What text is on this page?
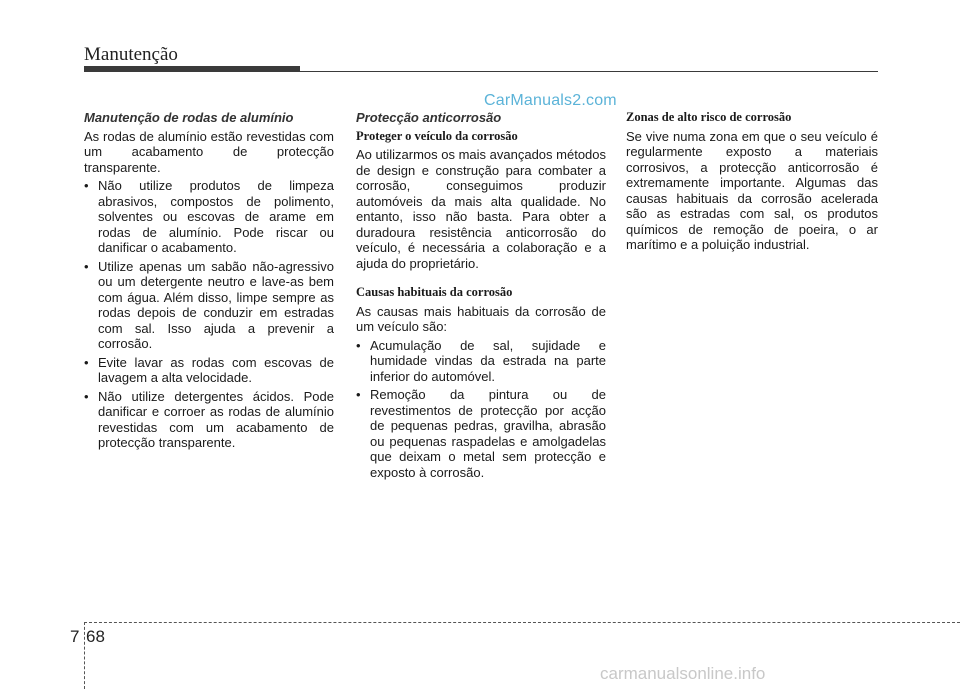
Manutenção
CarManuals2.com
Manutenção de rodas de alumínio

As rodas de alumínio estão revestidas com um acabamento de protecção transparente.

• Não utilize produtos de limpeza abrasivos, compostos de polimento, solventes ou escovas de arame em rodas de alumínio. Pode riscar ou danificar o acabamento.
• Utilize apenas um sabão não-agressivo ou um detergente neutro e lave-as bem com água. Além disso, limpe sempre as rodas depois de conduzir em estradas com sal. Isso ajuda a prevenir a corrosão.
• Evite lavar as rodas com escovas de lavagem a alta velocidade.
• Não utilize detergentes ácidos. Pode danificar e corroer as rodas de alumínio revestidas com um acabamento de protecção transparente.
Protecção anticorrosão
Proteger o veículo da corrosão

Ao utilizarmos os mais avançados métodos de design e construção para combater a corrosão, conseguimos produzir automóveis da mais alta qualidade. No entanto, isso não basta. Para obter a duradoura resistência anticorrosão do veículo, é necessária a colaboração e a ajuda do proprietário.

Causas habituais da corrosão

As causas mais habituais da corrosão de um veículo são:

• Acumulação de sal, sujidade e humidade vindas da estrada na parte inferior do automóvel.
• Remoção da pintura ou de revestimentos de protecção por acção de pequenas pedras, gravilha, abrasão ou pequenas raspadelas e amolgadelas que deixam o metal sem protecção e exposto à corrosão.
Zonas de alto risco de corrosão

Se vive numa zona em que o seu veículo é regularmente exposto a materiais corrosivos, a protecção anticorrosão é extremamente importante. Algumas das causas habituais da corrosão acelerada são as estradas com sal, os produtos químicos de remoção de poeira, o ar marítimo e a poluição industrial.

7 68
carmanualsonline.info
